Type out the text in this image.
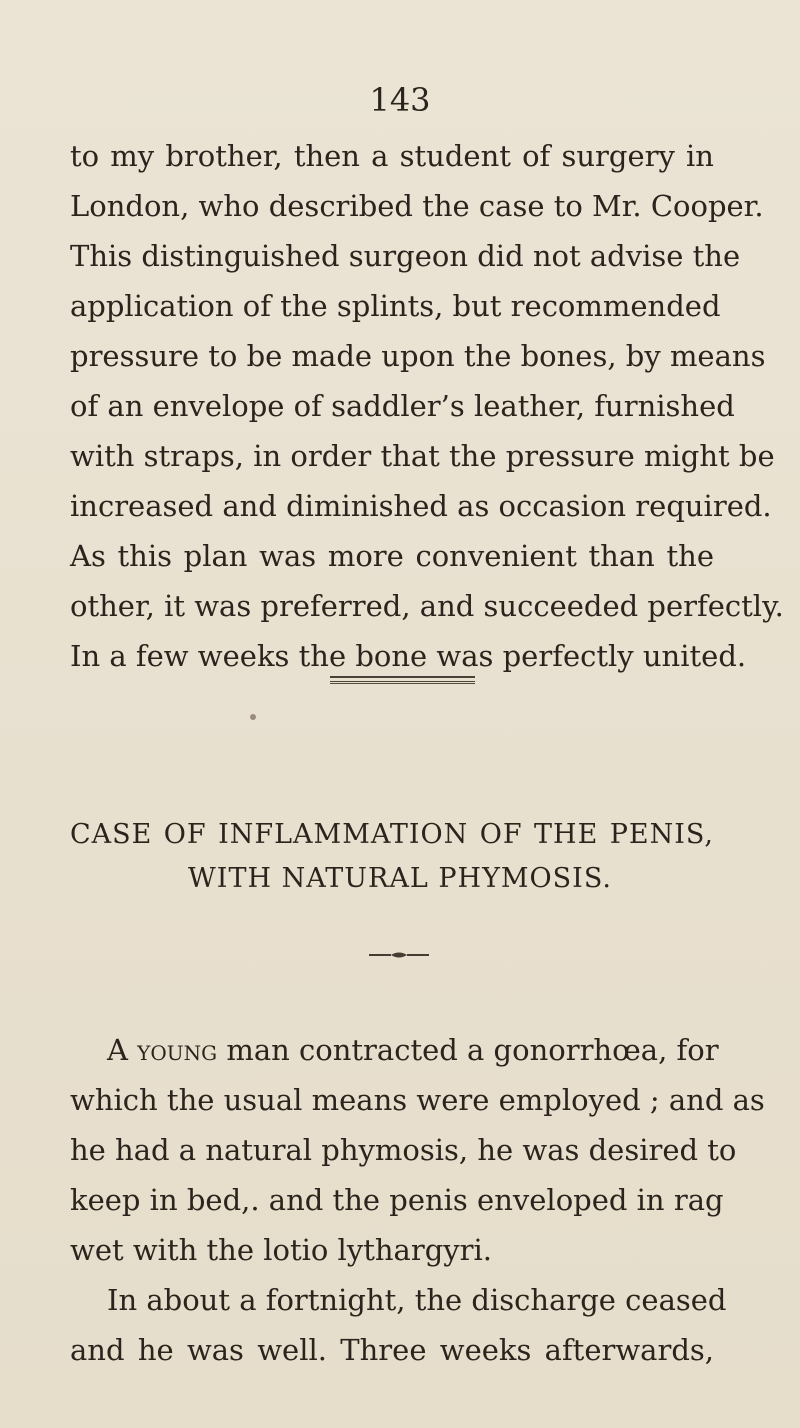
143
to my brother, then a student of surgery in
London, who described the case to Mr. Cooper.
This distinguished surgeon did not advise the
application of the splints, but recommended
pressure to be made upon the bones, by means
of an envelope of saddler’s leather, furnished
with straps, in order that the pressure might be
increased and diminished as occasion required.
As this plan was more convenient than the
other, it was preferred, and succeeded perfectly.
In a few weeks the bone was perfectly united.
CASE OF INFLAMMATION OF THE PENIS,
WITH NATURAL PHYMOSIS.
A young man contracted a gonorrhœa, for
which the usual means were employed ; and as
he had a natural phymosis, he was desired to
keep in bed,. and the penis enveloped in rag
wet with the lotio lythargyri.
In about a fortnight, the discharge ceased
and he was well. Three weeks afterwards,
